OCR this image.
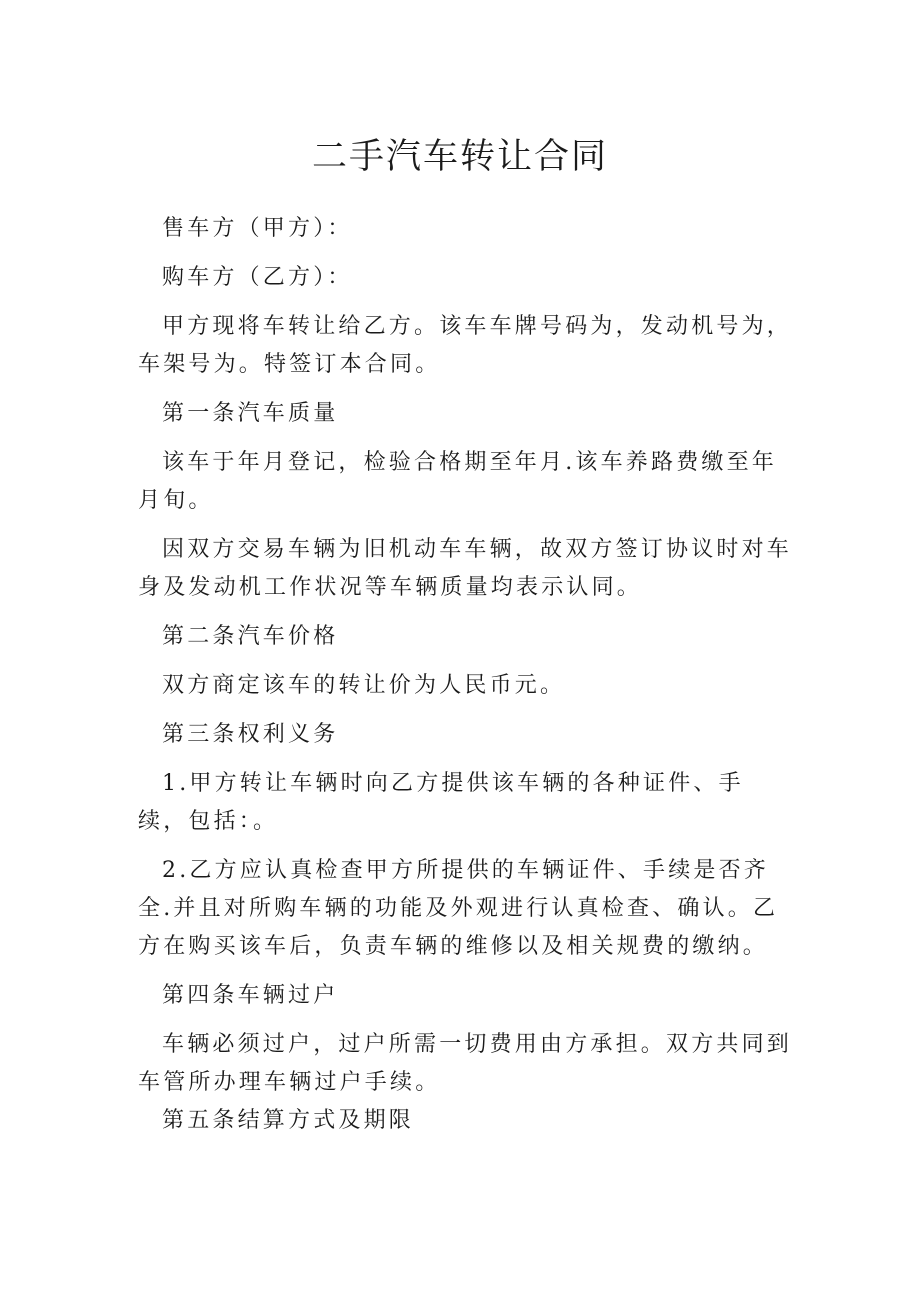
二手汽车转让合同

售车方（甲方）：

购车方（乙方）：

甲方现将车转让给乙方。该车车牌号码为，发动机号为，车架号为。特签订本合同。

第一条汽车质量

该车于年月登记，检验合格期至年月.该车养路费缴至年月旬。

因双方交易车辆为旧机动车车辆，故双方签订协议时对车身及发动机工作状况等车辆质量均表示认同。

第二条汽车价格

双方商定该车的转让价为人民币元。

第三条权利义务

1.甲方转让车辆时向乙方提供该车辆的各种证件、手续，包括：。

2.乙方应认真检查甲方所提供的车辆证件、手续是否齐全.并且对所购车辆的功能及外观进行认真检查、确认。乙方在购买该车后，负责车辆的维修以及相关规费的缴纳。

第四条车辆过户

车辆必须过户，过户所需一切费用由方承担。双方共同到车管所办理车辆过户手续。

第五条结算方式及期限
